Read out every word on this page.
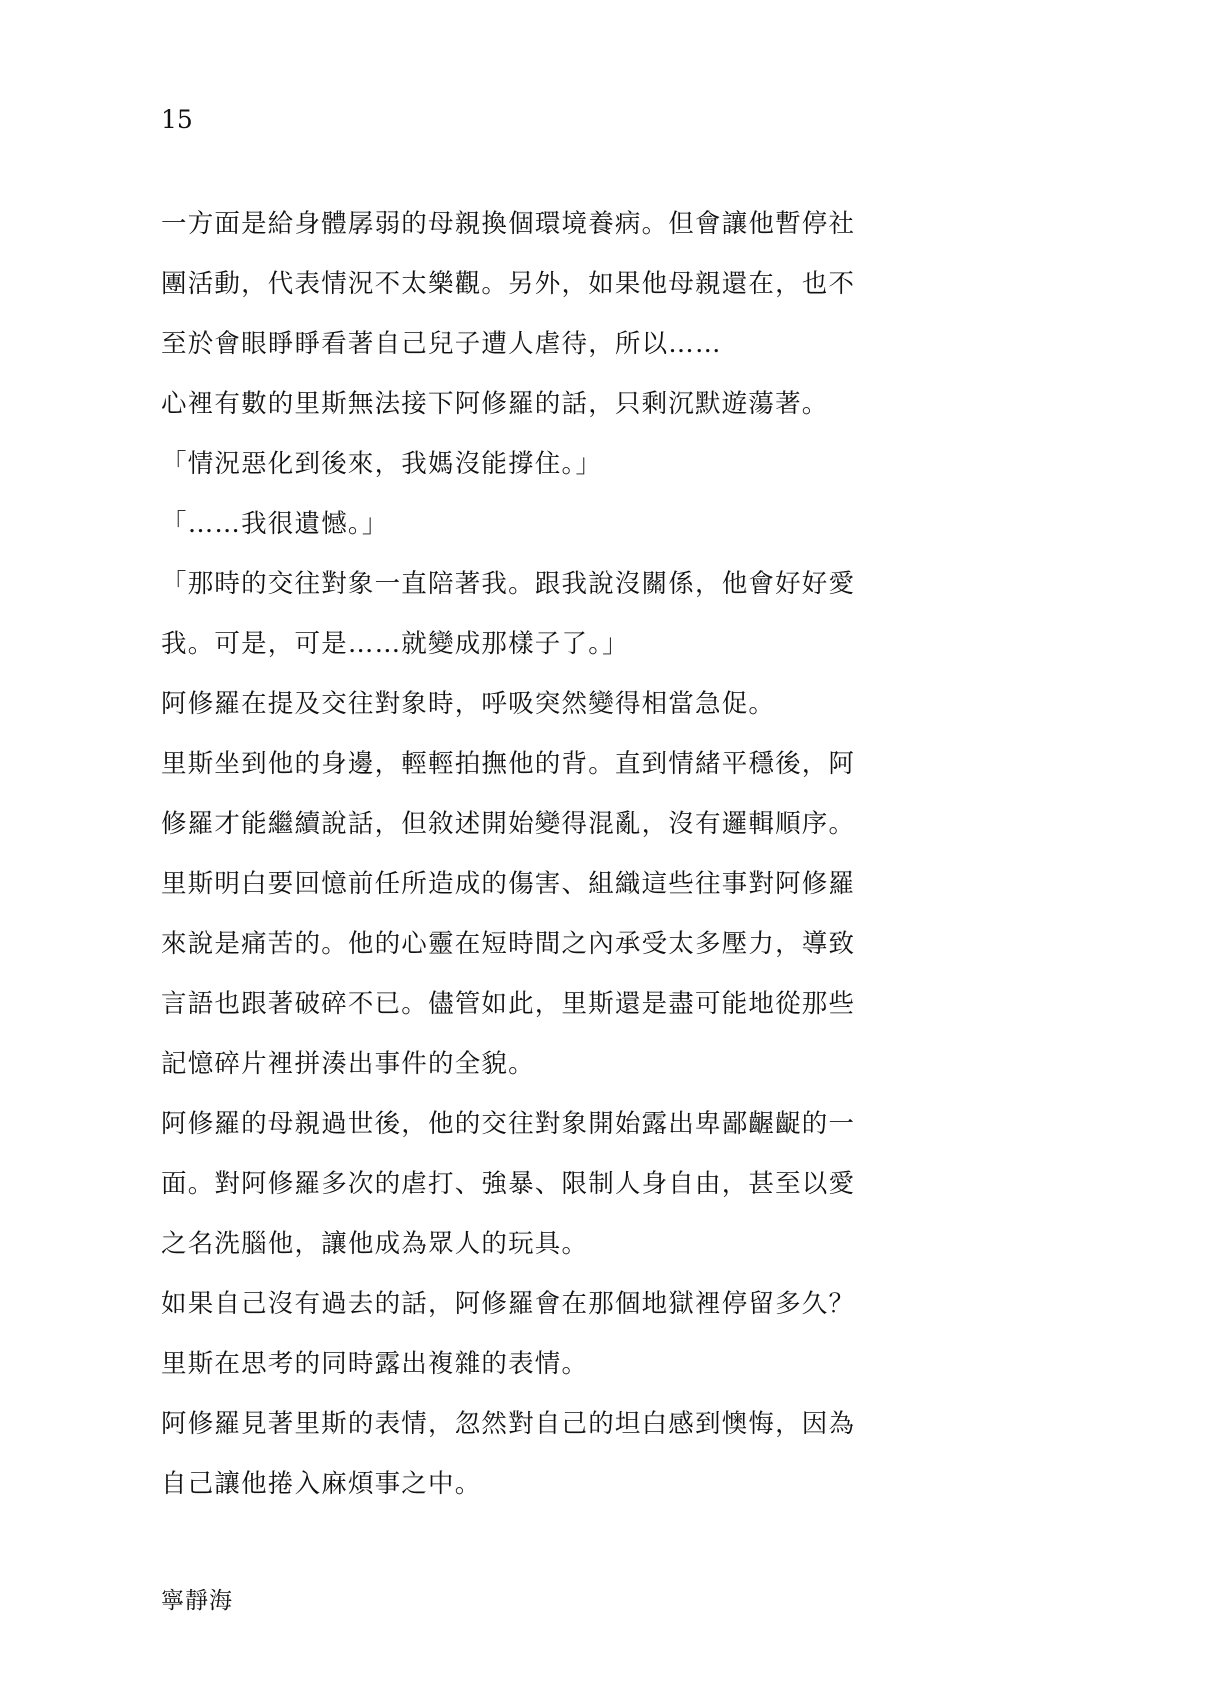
15

一方面是給身體孱弱的母親換個環境養病。但會讓他暫停社

團活動，代表情況不太樂觀。另外，如果他母親還在，也不

至於會眼睜睜看著自己兒子遭人虐待，所以……

心裡有數的里斯無法接下阿修羅的話，只剩沉默遊蕩著。

「情況惡化到後來，我媽沒能撐住。」

「……我很遺憾。」

「那時的交往對象一直陪著我。跟我說沒關係，他會好好愛

我。可是，可是……就變成那樣子了。」

阿修羅在提及交往對象時，呼吸突然變得相當急促。

里斯坐到他的身邊，輕輕拍撫他的背。直到情緒平穩後，阿

修羅才能繼續說話，但敘述開始變得混亂，沒有邏輯順序。

里斯明白要回憶前任所造成的傷害、組織這些往事對阿修羅

來說是痛苦的。他的心靈在短時間之內承受太多壓力，導致

言語也跟著破碎不已。儘管如此，里斯還是盡可能地從那些

記憶碎片裡拼湊出事件的全貌。

阿修羅的母親過世後，他的交往對象開始露出卑鄙齷齪的一

面。對阿修羅多次的虐打、強暴、限制人身自由，甚至以愛

之名洗腦他，讓他成為眾人的玩具。

如果自己沒有過去的話，阿修羅會在那個地獄裡停留多久？

里斯在思考的同時露出複雜的表情。

阿修羅見著里斯的表情，忽然對自己的坦白感到懊悔，因為

自己讓他捲入麻煩事之中。

寧靜海
